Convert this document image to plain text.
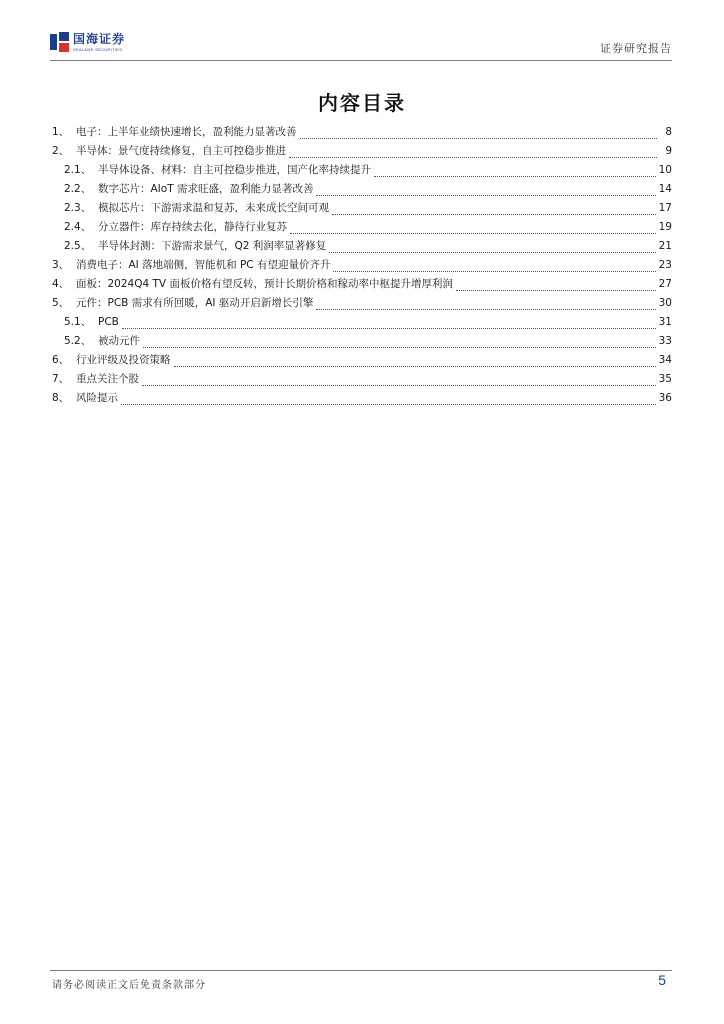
国海证券
SEALAND SECURITIES	证券研究报告
内容目录
1、 电子：上半年业绩快速增长，盈利能力显著改善	8
2、 半导体：景气度持续修复，自主可控稳步推进	9
2.1、 半导体设备、材料：自主可控稳步推进，国产化率持续提升	10
2.2、 数字芯片：AIoT 需求旺盛，盈利能力显著改善	14
2.3、 模拟芯片：下游需求温和复苏，未来成长空间可观	17
2.4、 分立器件：库存持续去化，静待行业复苏	19
2.5、 半导体封测：下游需求景气，Q2 利润率显著修复	21
3、 消费电子：AI 落地端侧，智能机和 PC 有望迎量价齐升	23
4、 面板：2024Q4 TV 面板价格有望反转，预计长期价格和稼动率中枢提升增厚利润	27
5、 元件：PCB 需求有所回暖，AI 驱动开启新增长引擎	30
5.1、 PCB	31
5.2、 被动元件	33
6、 行业评级及投资策略	34
7、 重点关注个股	35
8、 风险提示	36
请务必阅读正文后免责条款部分	5
